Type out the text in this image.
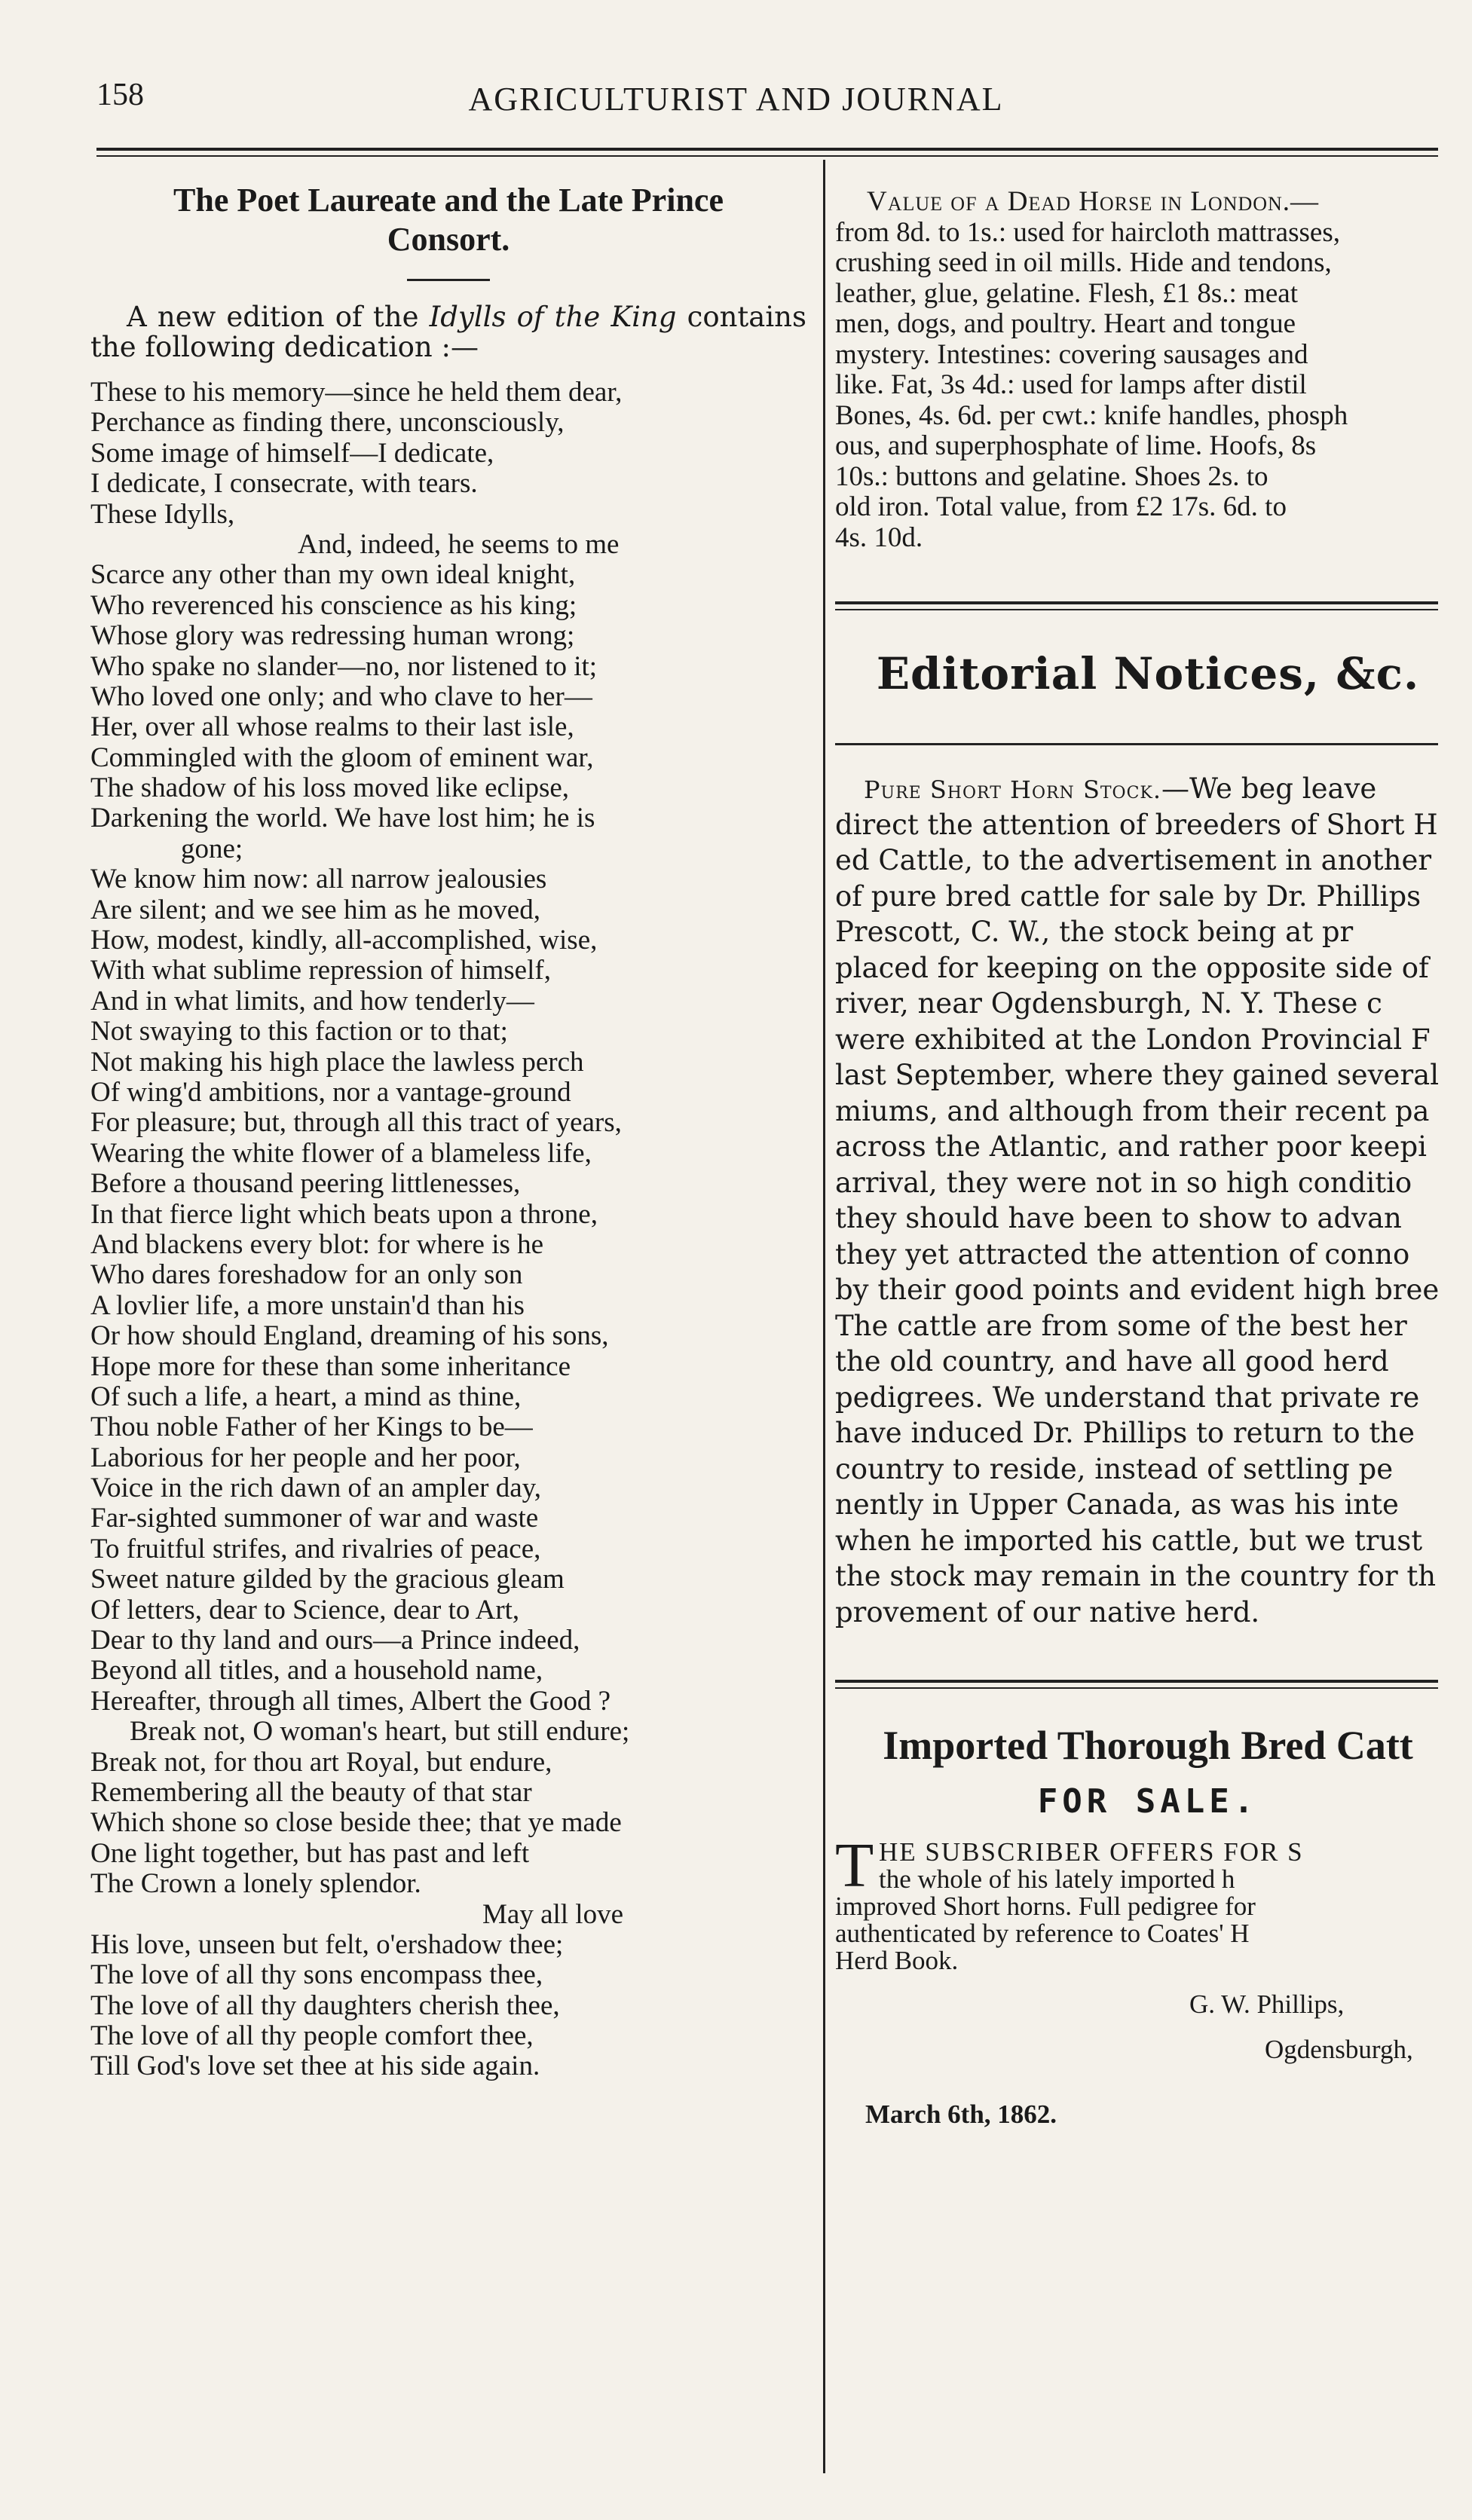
158	AGRICULTURIST AND JOURNAL
The Poet Laureate and the Late Prince
Consort.

A new edition of the Idylls of the King contains the following dedication :—

These to his memory—since he held them dear,
Perchance as finding there, unconsciously,
Some image of himself—I dedicate,
I dedicate, I consecrate, with tears.
These Idylls,
And, indeed, he seems to me
Scarce any other than my own ideal knight,
Who reverenced his conscience as his king;
Whose glory was redressing human wrong;
Who spake no slander—no, nor listened to it;
Who loved one only; and who clave to her—
Her, over all whose realms to their last isle,
Commingled with the gloom of eminent war,
The shadow of his loss moved like eclipse,
Darkening the world. We have lost him; he is
gone;
We know him now: all narrow jealousies
Are silent; and we see him as he moved,
How, modest, kindly, all-accomplished, wise,
With what sublime repression of himself,
And in what limits, and how tenderly—
Not swaying to this faction or to that;
Not making his high place the lawless perch
Of wing'd ambitions, nor a vantage-ground
For pleasure; but, through all this tract of years,
Wearing the white flower of a blameless life,
Before a thousand peering littlenesses,
In that fierce light which beats upon a throne,
And blackens every blot: for where is he
Who dares foreshadow for an only son
A lovlier life, a more unstain'd than his
Or how should England, dreaming of his sons,
Hope more for these than some inheritance
Of such a life, a heart, a mind as thine,
Thou noble Father of her Kings to be—
Laborious for her people and her poor,
Voice in the rich dawn of an ampler day,
Far-sighted summoner of war and waste
To fruitful strifes, and rivalries of peace,
Sweet nature gilded by the gracious gleam
Of letters, dear to Science, dear to Art,
Dear to thy land and ours—a Prince indeed,
Beyond all titles, and a household name,
Hereafter, through all times, Albert the Good ?
Break not, O woman's heart, but still endure;
Break not, for thou art Royal, but endure,
Remembering all the beauty of that star
Which shone so close beside thee; that ye made
One light together, but has past and left
The Crown a lonely splendor.
May all love
His love, unseen but felt, o'ershadow thee;
The love of all thy sons encompass thee,
The love of all thy daughters cherish thee,
The love of all thy people comfort thee,
Till God's love set thee at his side again.
Value of a Dead Horse in London.—
from 8d. to 1s.: used for haircloth mattrasses,
crushing seed in oil mills. Hide and tendons,
leather, glue, gelatine. Flesh, £1 8s.: meat
men, dogs, and poultry. Heart and tongue
mystery. Intestines: covering sausages and
like. Fat, 3s 4d.: used for lamps after distil
Bones, 4s. 6d. per cwt.: knife handles, phosph
ous, and superphosphate of lime. Hoofs, 8s
10s.: buttons and gelatine. Shoes 2s. to
old iron. Total value, from £2 17s. 6d. to
4s. 10d.
Editorial Notices, &c.
Pure Short Horn Stock.—We beg leave
direct the attention of breeders of Short H
ed Cattle, to the advertisement in another
of pure bred cattle for sale by Dr. Phillips
Prescott, C. W., the stock being at pr
placed for keeping on the opposite side of
river, near Ogdensburgh, N. Y. These c
were exhibited at the London Provincial F
last September, where they gained several
miums, and although from their recent pa
across the Atlantic, and rather poor keepi
arrival, they were not in so high conditio
they should have been to show to advan
they yet attracted the attention of conno
by their good points and evident high bree
The cattle are from some of the best her
the old country, and have all good herd
pedigrees. We understand that private re
have induced Dr. Phillips to return to the
country to reside, instead of settling pe
nently in Upper Canada, as was his inte
when he imported his cattle, but we trust
the stock may remain in the country for th
provement of our native herd.
Imported Thorough Bred Catt
FOR SALE.
T HE SUBSCRIBER OFFERS FOR S
the whole of his lately imported h
improved Short horns. Full pedigree for
authenticated by reference to Coates' H
Herd Book.
G. W. Phillips,
Ogdensburgh,
March 6th, 1862.
